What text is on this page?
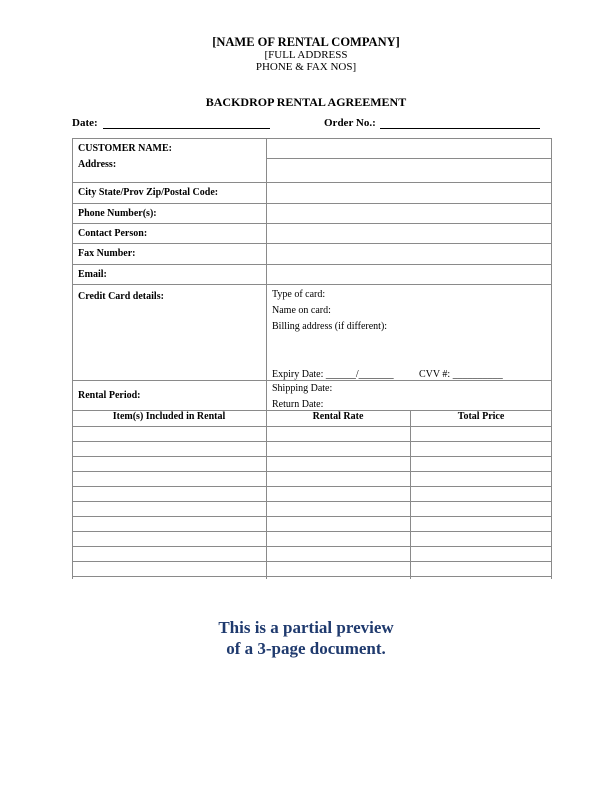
[NAME OF RENTAL COMPANY]
[FULL ADDRESS
PHONE & FAX NOS]
BACKDROP RENTAL AGREEMENT
Date:	Order No.:
CUSTOMER NAME:
Address:
City State/Prov Zip/Postal Code:
Phone Number(s):
Contact Person:
Fax Number:
Email:
Credit Card details:	Type of card:
Name on card:
Billing address (if different):
Expiry Date: ______/_______	CVV #: __________
Rental Period:
Shipping Date:
Return Date:
Item(s) Included in Rental	Rental Rate	Total Price
This is a partial preview
of a 3-page document.
